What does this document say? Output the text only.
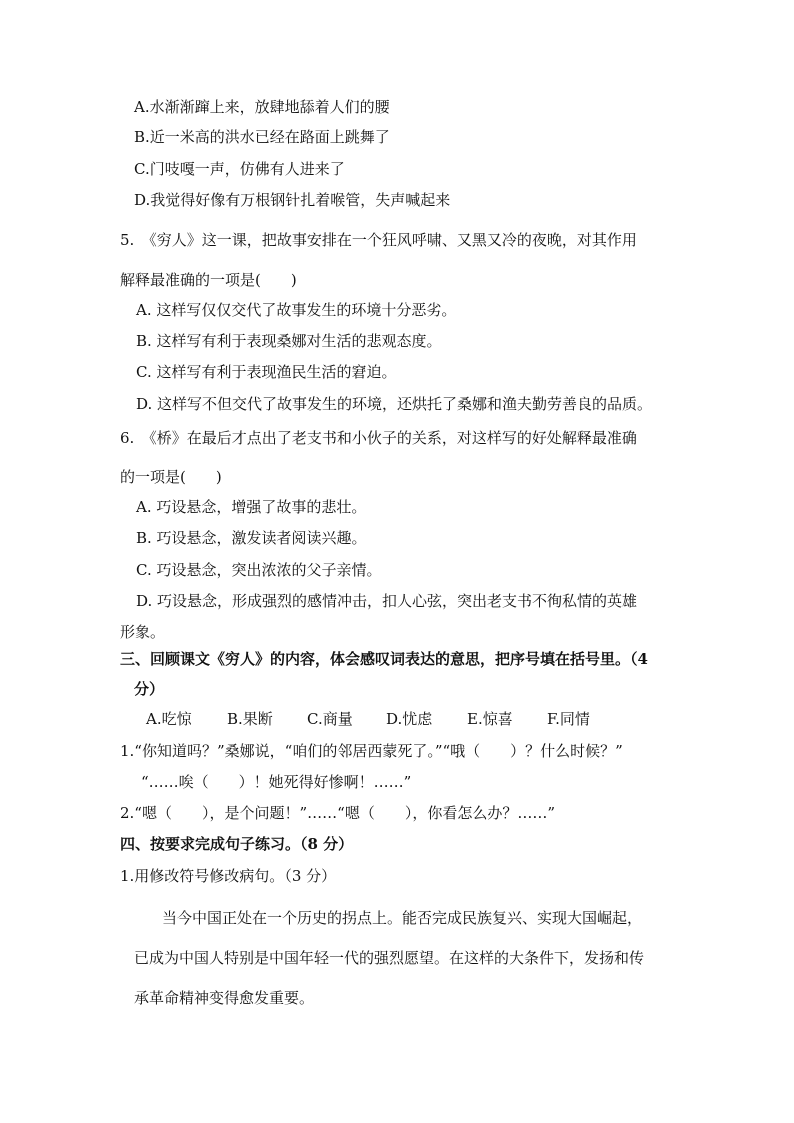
A.水渐渐蹿上来，放肆地舔着人们的腰
B.近一米高的洪水已经在路面上跳舞了
C.门吱嘎一声，仿佛有人进来了
D.我觉得好像有万根钢针扎着喉管，失声喊起来
5.　《穷人》这一课，把故事安排在一个狂风呼啸、又黑又冷的夜晚，对其作用
解释最准确的一项是(　　)
A. 这样写仅仅交代了故事发生的环境十分恶劣。
B. 这样写有利于表现桑娜对生活的悲观态度。
C. 这样写有利于表现渔民生活的窘迫。
D. 这样写不但交代了故事发生的环境，还烘托了桑娜和渔夫勤劳善良的品质。
6.　《桥》在最后才点出了老支书和小伙子的关系，对这样写的好处解释最准确
的一项是(　　)
A. 巧设悬念，增强了故事的悲壮。
B. 巧设悬念，激发读者阅读兴趣。
C. 巧设悬念，突出浓浓的父子亲情。
D. 巧设悬念，形成强烈的感情冲击，扣人心弦，突出老支书不徇私情的英雄
形象。
三、回顾课文《穷人》的内容，体会感叹词表达的意思，把序号填在括号里。（4
分）
A.吃惊 B.果断 C.商量 D.忧虑 E.惊喜 F.同情
1.“你知道吗？”桑娜说，“咱们的邻居西蒙死了。”“哦（　　）？什么时候？”
“……唉（　　）！她死得好惨啊！……”
2.“嗯（　　），是个问题！”……“嗯（　　），你看怎么办？……”
四、按要求完成句子练习。（8 分）
1.用修改符号修改病句。（3 分）
当今中国正处在一个历史的拐点上。能否完成民族复兴、实现大国崛起，
已成为中国人特别是中国年轻一代的强烈愿望。在这样的大条件下，发扬和传
承革命精神变得愈发重要。
